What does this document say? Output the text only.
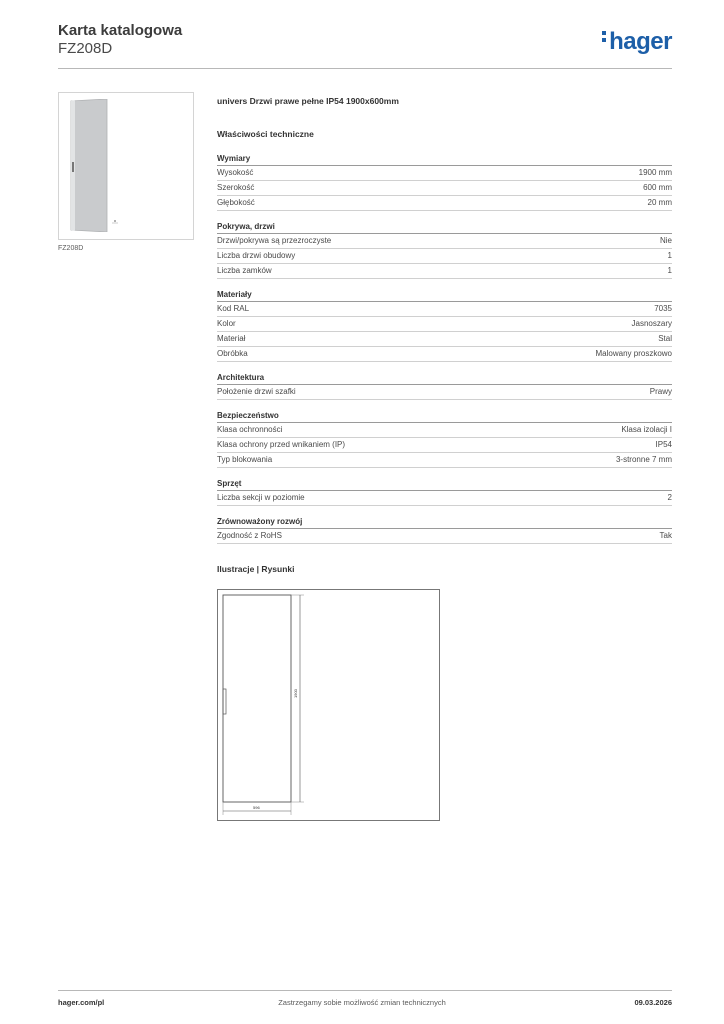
Karta katalogowa
FZ208D	hager
FZ208D
univers Drzwi prawe pełne IP54 1900x600mm
Właściwości techniczne
Wymiary
Wysokość	1900 mm
Szerokość	600 mm
Głębokość	20 mm
Pokrywa, drzwi
Drzwi/pokrywa są przezroczyste	Nie
Liczba drzwi obudowy	1
Liczba zamków	1
Materiały
Kod RAL	7035
Kolor	Jasnoszary
Materiał	Stal
Obróbka	Malowany proszkowo
Architektura
Położenie drzwi szafki	Prawy
Bezpieczeństwo
Klasa ochronności	Klasa izolacji I
Klasa ochrony przed wnikaniem (IP)	IP54
Typ blokowania	3-stronne 7 mm
Sprzęt
Liczba sekcji w poziomie	2
Zrównoważony rozwój
Zgodność z RoHS	Tak
Ilustracje | Rysunki
1900
596
hager.com/pl	Zastrzegamy sobie możliwość zmian technicznych	09.03.2026
